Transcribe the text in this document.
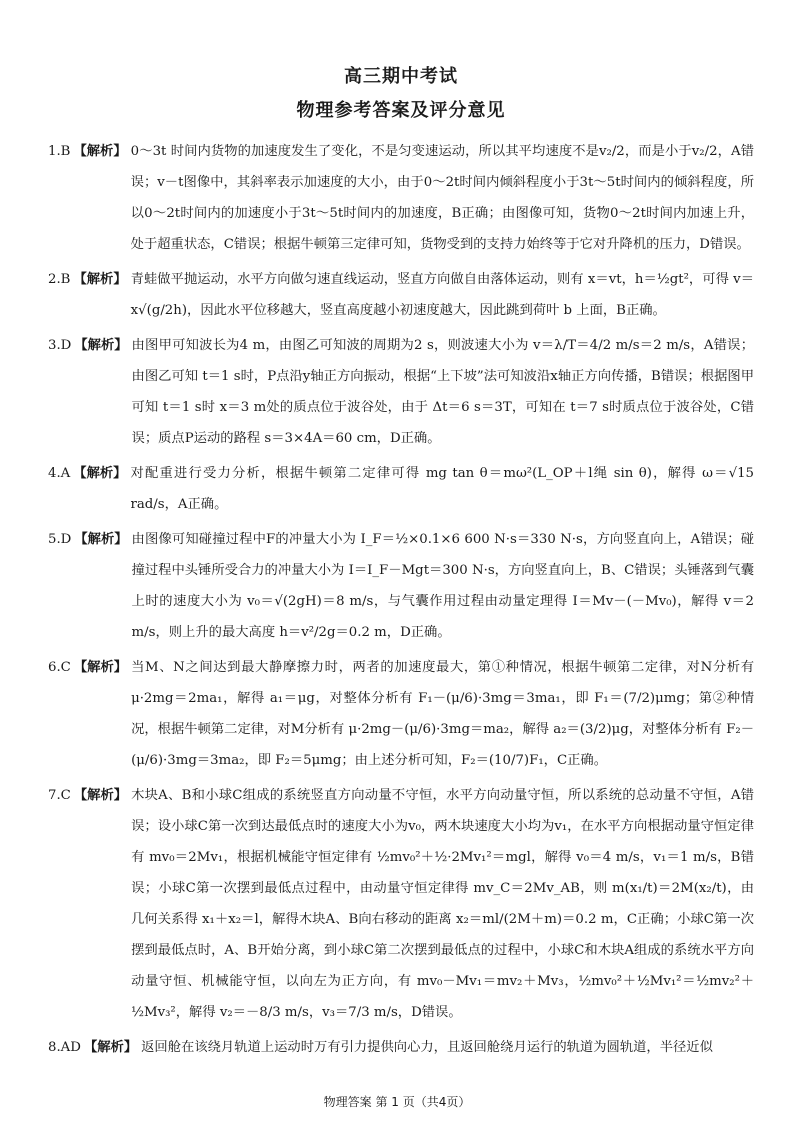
高三期中考试
物理参考答案及评分意见
1.B 【解析】 0～3t 时间内货物的加速度发生了变化，不是匀变速运动，所以其平均速度不是v₂/2，而是小于v₂/2，A错误；v－t图像中，其斜率表示加速度的大小，由于0～2t时间内倾斜程度小于3t～5t时间内的倾斜程度，所以0～2t时间内的加速度小于3t～5t时间内的加速度，B正确；由图像可知，货物0～2t时间内加速上升，处于超重状态，C错误；根据牛顿第三定律可知，货物受到的支持力始终等于它对升降机的压力，D错误。
2.B 【解析】 青蛙做平抛运动，水平方向做匀速直线运动，竖直方向做自由落体运动，则有 x＝vt，h＝½gt²，可得 v＝x√(g/2h)，因此水平位移越大，竖直高度越小初速度越大，因此跳到荷叶 b 上面，B正确。
3.D 【解析】 由图甲可知波长为4 m，由图乙可知波的周期为2 s，则波速大小为 v＝λ/T＝4/2 m/s＝2 m/s，A错误；由图乙可知 t＝1 s时，P点沿y轴正方向振动，根据“上下坡”法可知波沿x轴正方向传播，B错误；根据图甲可知 t＝1 s时 x＝3 m处的质点位于波谷处，由于 Δt＝6 s＝3T，可知在 t＝7 s时质点位于波谷处，C错误；质点P运动的路程 s＝3×4A＝60 cm，D正确。
4.A 【解析】 对配重进行受力分析，根据牛顿第二定律可得 mg tan θ＝mω²(L_OP＋l绳 sin θ)，解得 ω＝√15 rad/s，A正确。
5.D 【解析】 由图像可知碰撞过程中F的冲量大小为 I_F＝½×0.1×6 600 N·s＝330 N·s，方向竖直向上，A错误；碰撞过程中头锤所受合力的冲量大小为 I＝I_F－Mgt＝300 N·s，方向竖直向上，B、C错误；头锤落到气囊上时的速度大小为 v₀＝√(2gH)＝8 m/s，与气囊作用过程由动量定理得 I＝Mv－(－Mv₀)，解得 v＝2 m/s，则上升的最大高度 h＝v²/2g＝0.2 m，D正确。
6.C 【解析】 当M、N之间达到最大静摩擦力时，两者的加速度最大，第①种情况，根据牛顿第二定律，对N分析有 μ·2mg＝2ma₁，解得 a₁＝μg，对整体分析有 F₁－(μ/6)·3mg＝3ma₁，即 F₁＝(7/2)μmg；第②种情况，根据牛顿第二定律，对M分析有 μ·2mg－(μ/6)·3mg＝ma₂，解得 a₂＝(3/2)μg，对整体分析有 F₂－(μ/6)·3mg＝3ma₂，即 F₂＝5μmg；由上述分析可知，F₂＝(10/7)F₁，C正确。
7.C 【解析】 木块A、B和小球C组成的系统竖直方向动量不守恒，水平方向动量守恒，所以系统的总动量不守恒，A错误；设小球C第一次到达最低点时的速度大小为v₀，两木块速度大小均为v₁，在水平方向根据动量守恒定律有 mv₀＝2Mv₁，根据机械能守恒定律有 ½mv₀²＋½·2Mv₁²＝mgl，解得 v₀＝4 m/s，v₁＝1 m/s，B错误；小球C第一次摆到最低点过程中，由动量守恒定律得 mv_C＝2Mv_AB，则 m(x₁/t)＝2M(x₂/t)，由几何关系得 x₁＋x₂＝l，解得木块A、B向右移动的距离 x₂＝ml/(2M＋m)＝0.2 m，C正确；小球C第一次摆到最低点时，A、B开始分离，到小球C第二次摆到最低点的过程中，小球C和木块A组成的系统水平方向动量守恒、机械能守恒，以向左为正方向，有 mv₀－Mv₁＝mv₂＋Mv₃，½mv₀²＋½Mv₁²＝½mv₂²＋½Mv₃²，解得 v₂＝－8/3 m/s，v₃＝7/3 m/s，D错误。
8.AD 【解析】 返回舱在该绕月轨道上运动时万有引力提供向心力，且返回舱绕月运行的轨道为圆轨道，半径近似
物理答案 第 1 页（共4页）
